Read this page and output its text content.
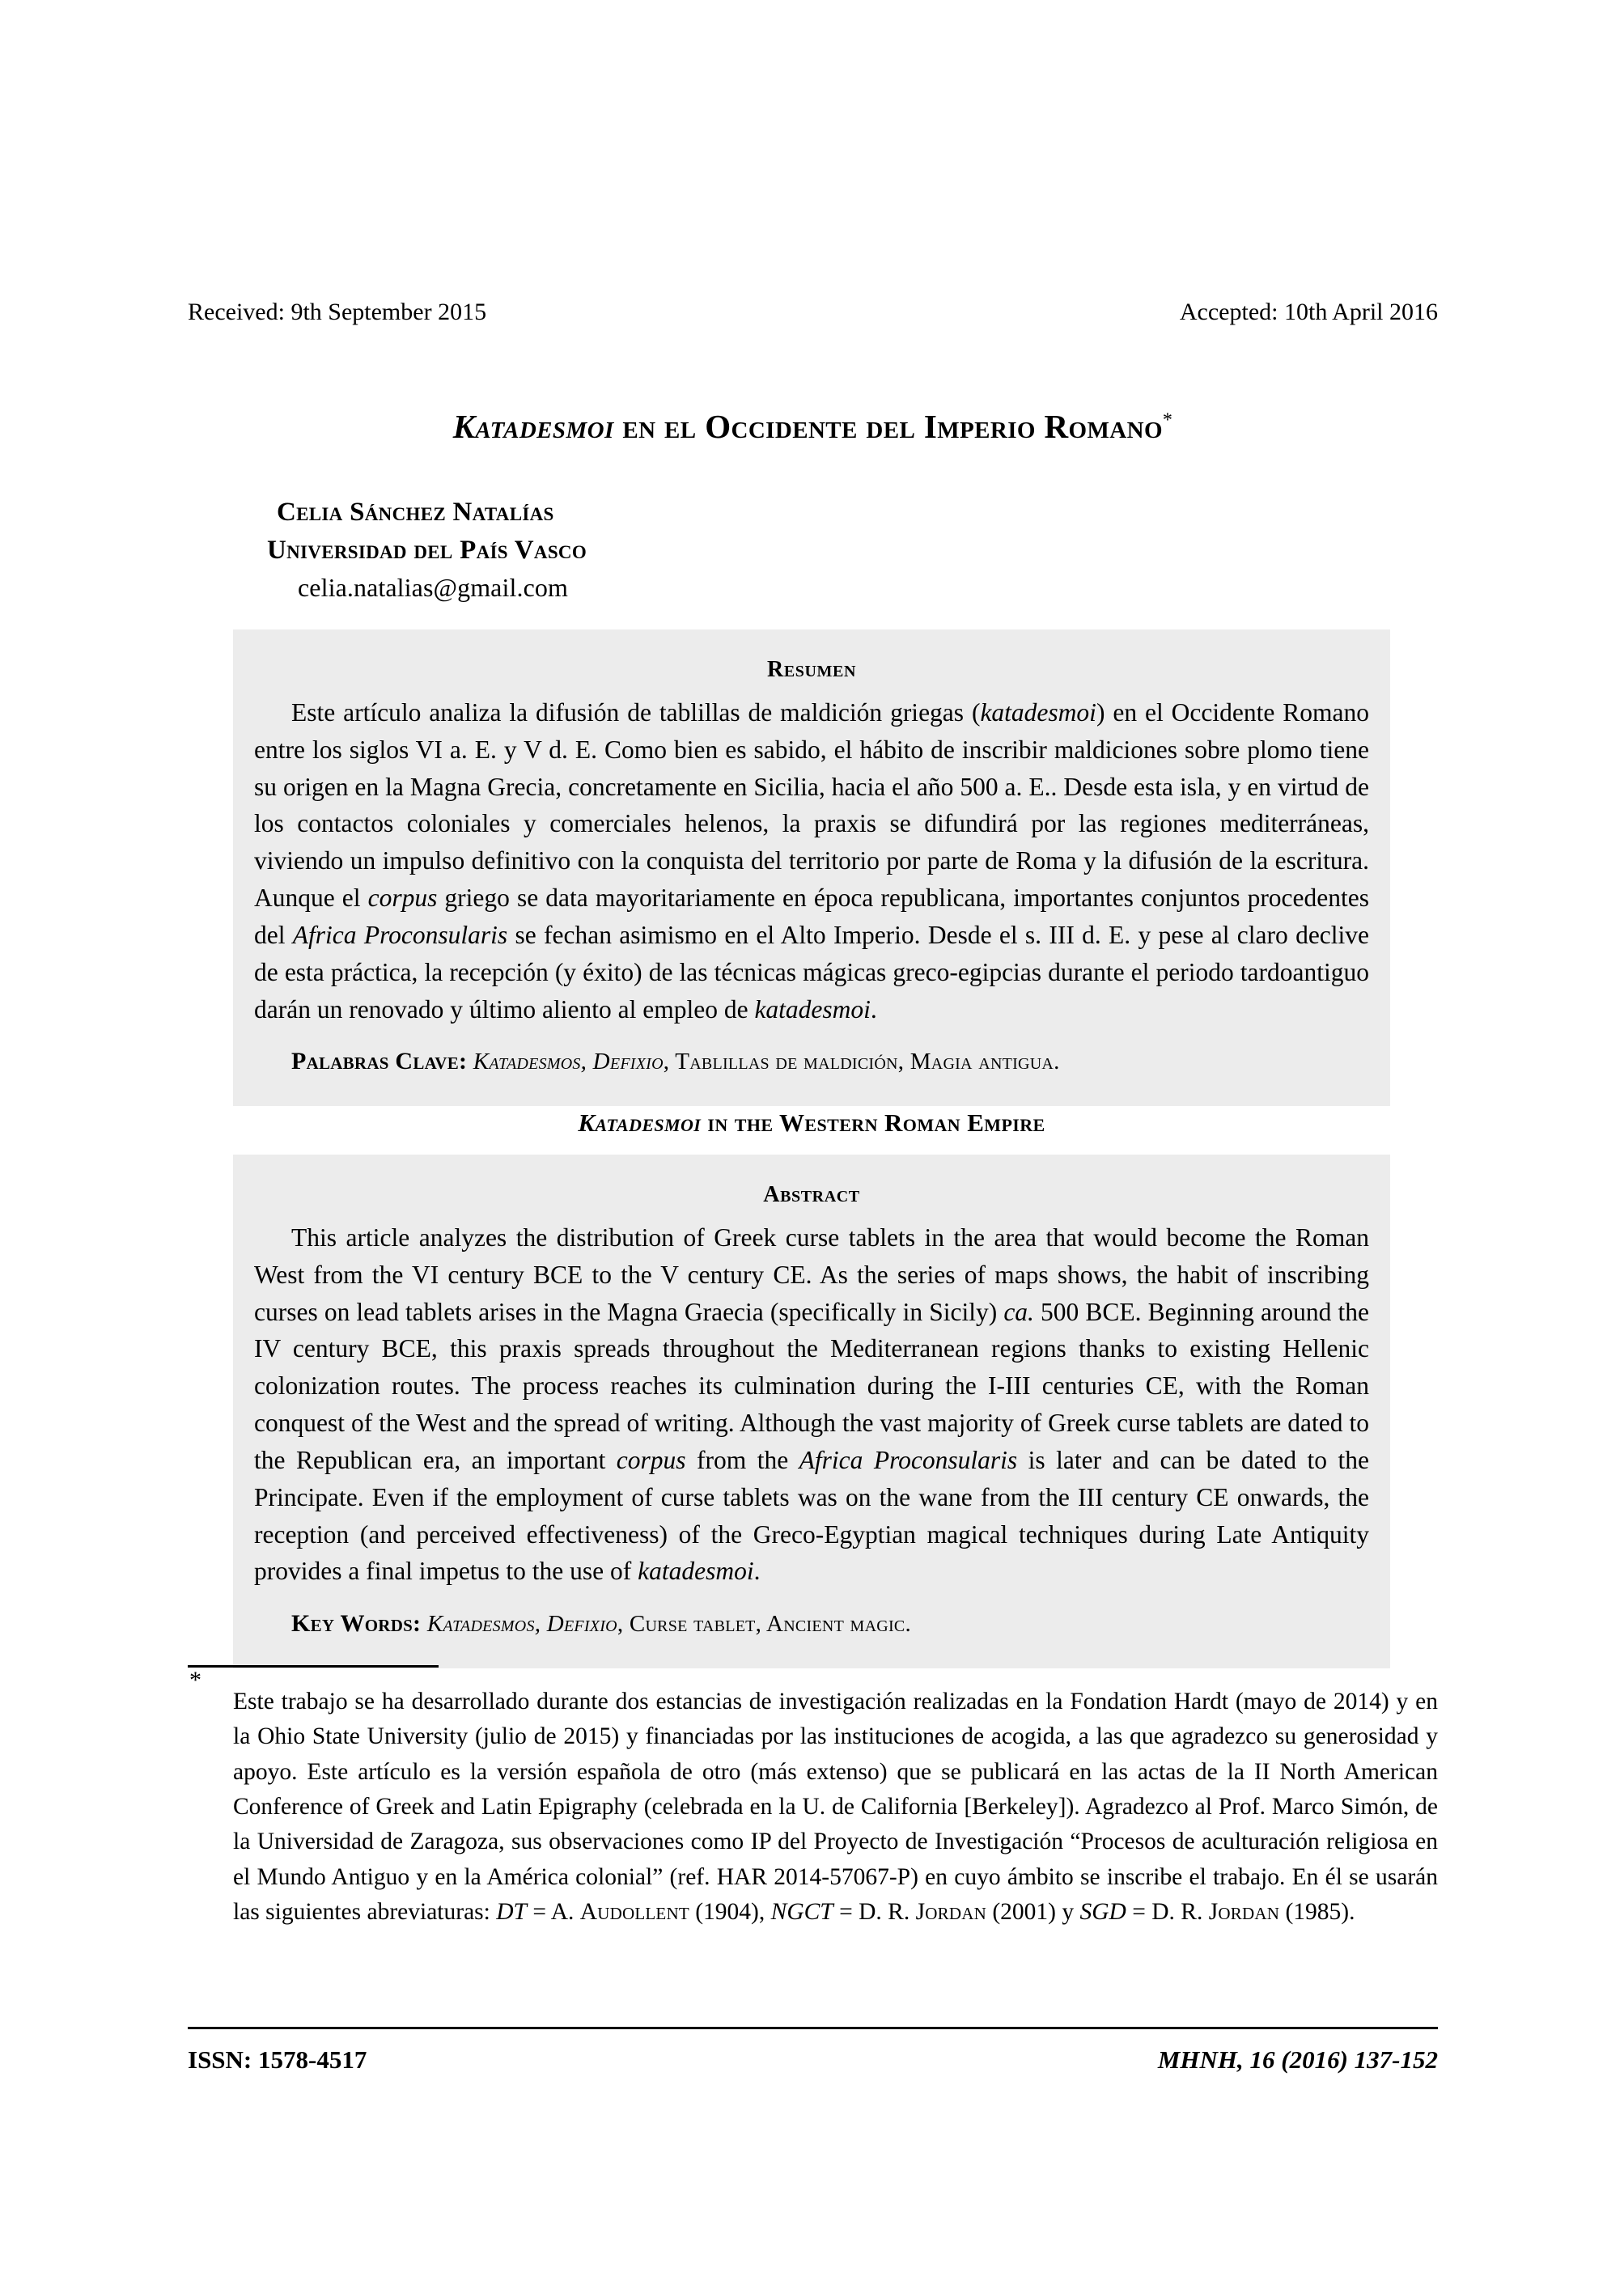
Received: 9th September 2015	Accepted: 10th April 2016
Katadesmoi en el Occidente del Imperio Romano*
Celia Sánchez Natalías
Universidad del País Vasco
celia.natalias@gmail.com
Resumen
Este artículo analiza la difusión de tablillas de maldición griegas (katadesmoi) en el Occidente Romano entre los siglos VI a. E. y V d. E. Como bien es sabido, el hábito de inscribir maldiciones sobre plomo tiene su origen en la Magna Grecia, concretamente en Sicilia, hacia el año 500 a. E.. Desde esta isla, y en virtud de los contactos coloniales y comerciales helenos, la praxis se difundirá por las regiones mediterráneas, viviendo un impulso definitivo con la conquista del territorio por parte de Roma y la difusión de la escritura. Aunque el corpus griego se data mayoritariamente en época republicana, importantes conjuntos procedentes del Africa Proconsularis se fechan asimismo en el Alto Imperio. Desde el s. III d. E. y pese al claro declive de esta práctica, la recepción (y éxito) de las técnicas mágicas greco-egipcias durante el periodo tardoantiguo darán un renovado y último aliento al empleo de katadesmoi.
Palabras Clave: Katadesmos, Defixio, Tablillas de maldición, Magia antigua.
Katadesmoi in the Western Roman Empire
Abstract
This article analyzes the distribution of Greek curse tablets in the area that would become the Roman West from the VI century BCE to the V century CE. As the series of maps shows, the habit of inscribing curses on lead tablets arises in the Magna Graecia (specifically in Sicily) ca. 500 BCE. Beginning around the IV century BCE, this praxis spreads throughout the Mediterranean regions thanks to existing Hellenic colonization routes. The process reaches its culmination during the I-III centuries CE, with the Roman conquest of the West and the spread of writing. Although the vast majority of Greek curse tablets are dated to the Republican era, an important corpus from the Africa Proconsularis is later and can be dated to the Principate. Even if the employment of curse tablets was on the wane from the III century CE onwards, the reception (and perceived effectiveness) of the Greco-Egyptian magical techniques during Late Antiquity provides a final impetus to the use of katadesmoi.
Key Words: Katadesmos, Defixio, Curse tablet, Ancient magic.
*
Este trabajo se ha desarrollado durante dos estancias de investigación realizadas en la Fondation Hardt (mayo de 2014) y en la Ohio State University (julio de 2015) y financiadas por las instituciones de acogida, a las que agradezco su generosidad y apoyo. Este artículo es la versión española de otro (más extenso) que se publicará en las actas de la II North American Conference of Greek and Latin Epigraphy (celebrada en la U. de California [Berkeley]). Agradezco al Prof. Marco Simón, de la Universidad de Zaragoza, sus observaciones como IP del Proyecto de Investigación “Procesos de aculturación religiosa en el Mundo Antiguo y en la América colonial” (ref. HAR 2014-57067-P) en cuyo ámbito se inscribe el trabajo. En él se usarán las siguientes abreviaturas: DT = A. Audollent (1904), NGCT = D. R. Jordan (2001) y SGD = D. R. Jordan (1985).
ISSN: 1578-4517	MHNH, 16 (2016) 137-152
